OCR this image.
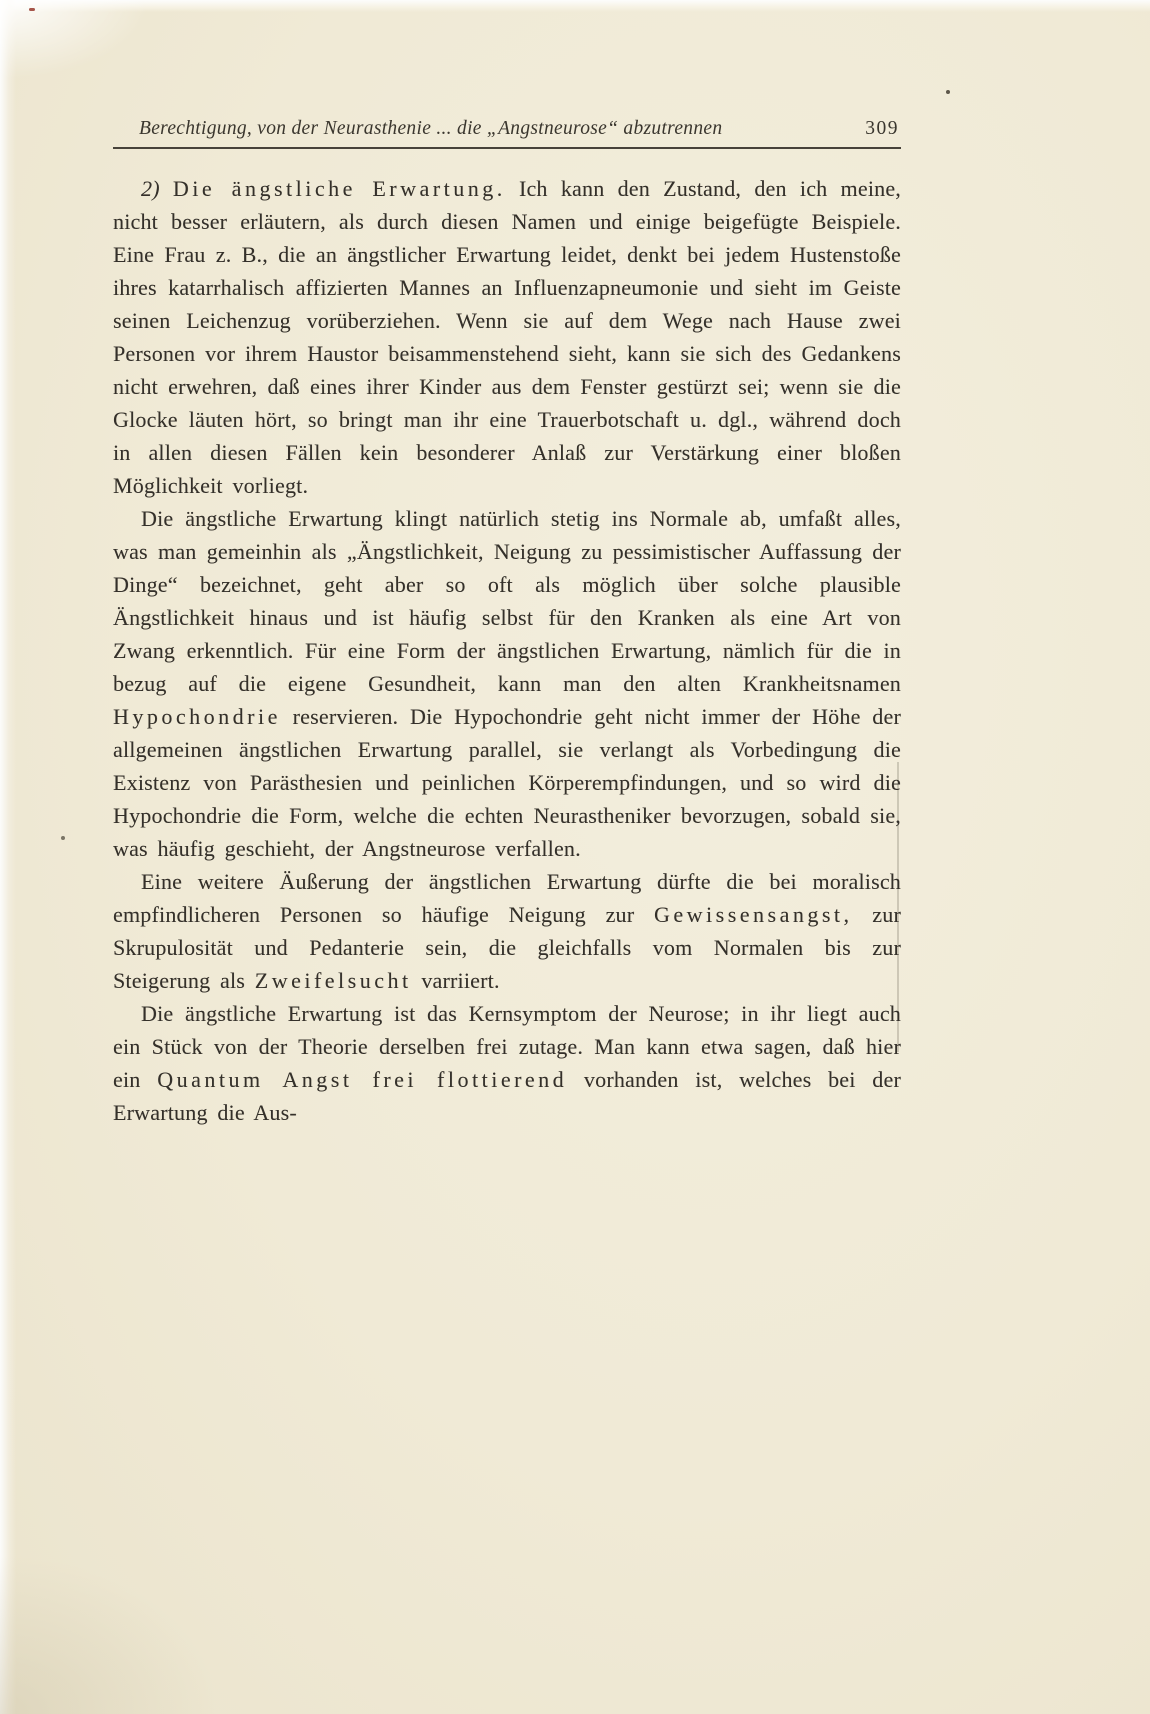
Berechtigung, von der Neurasthenie ... die „Angstneurose“ abzutrennen	309

2) Die ängstliche Erwartung. Ich kann den Zustand, den ich meine, nicht besser erläutern, als durch diesen Namen und einige beigefügte Beispiele. Eine Frau z. B., die an ängstlicher Erwartung leidet, denkt bei jedem Hustenstoße ihres katarrhalisch affizierten Mannes an Influenzapneumonie und sieht im Geiste seinen Leichenzug vorüberziehen. Wenn sie auf dem Wege nach Hause zwei Personen vor ihrem Haustor beisammenstehend sieht, kann sie sich des Gedankens nicht erwehren, daß eines ihrer Kinder aus dem Fenster gestürzt sei; wenn sie die Glocke läuten hört, so bringt man ihr eine Trauerbotschaft u. dgl., während doch in allen diesen Fällen kein besonderer Anlaß zur Verstärkung einer bloßen Möglichkeit vorliegt.

Die ängstliche Erwartung klingt natürlich stetig ins Normale ab, umfaßt alles, was man gemeinhin als „Ängstlichkeit, Neigung zu pessimistischer Auffassung der Dinge“ bezeichnet, geht aber so oft als möglich über solche plausible Ängstlichkeit hinaus und ist häufig selbst für den Kranken als eine Art von Zwang erkenntlich. Für eine Form der ängstlichen Erwartung, nämlich für die in bezug auf die eigene Gesundheit, kann man den alten Krankheitsnamen Hypochondrie reservieren. Die Hypochondrie geht nicht immer der Höhe der allgemeinen ängstlichen Erwartung parallel, sie verlangt als Vorbedingung die Existenz von Parästhesien und peinlichen Körperempfindungen, und so wird die Hypochondrie die Form, welche die echten Neurastheniker bevorzugen, sobald sie, was häufig geschieht, der Angstneurose verfallen.

Eine weitere Äußerung der ängstlichen Erwartung dürfte die bei moralisch empfindlicheren Personen so häufige Neigung zur Gewissensangst, zur Skrupulosität und Pedanterie sein, die gleichfalls vom Normalen bis zur Steigerung als Zweifelsucht varriiert.

Die ängstliche Erwartung ist das Kernsymptom der Neurose; in ihr liegt auch ein Stück von der Theorie derselben frei zutage. Man kann etwa sagen, daß hier ein Quantum Angst frei flottierend vorhanden ist, welches bei der Erwartung die Aus-
